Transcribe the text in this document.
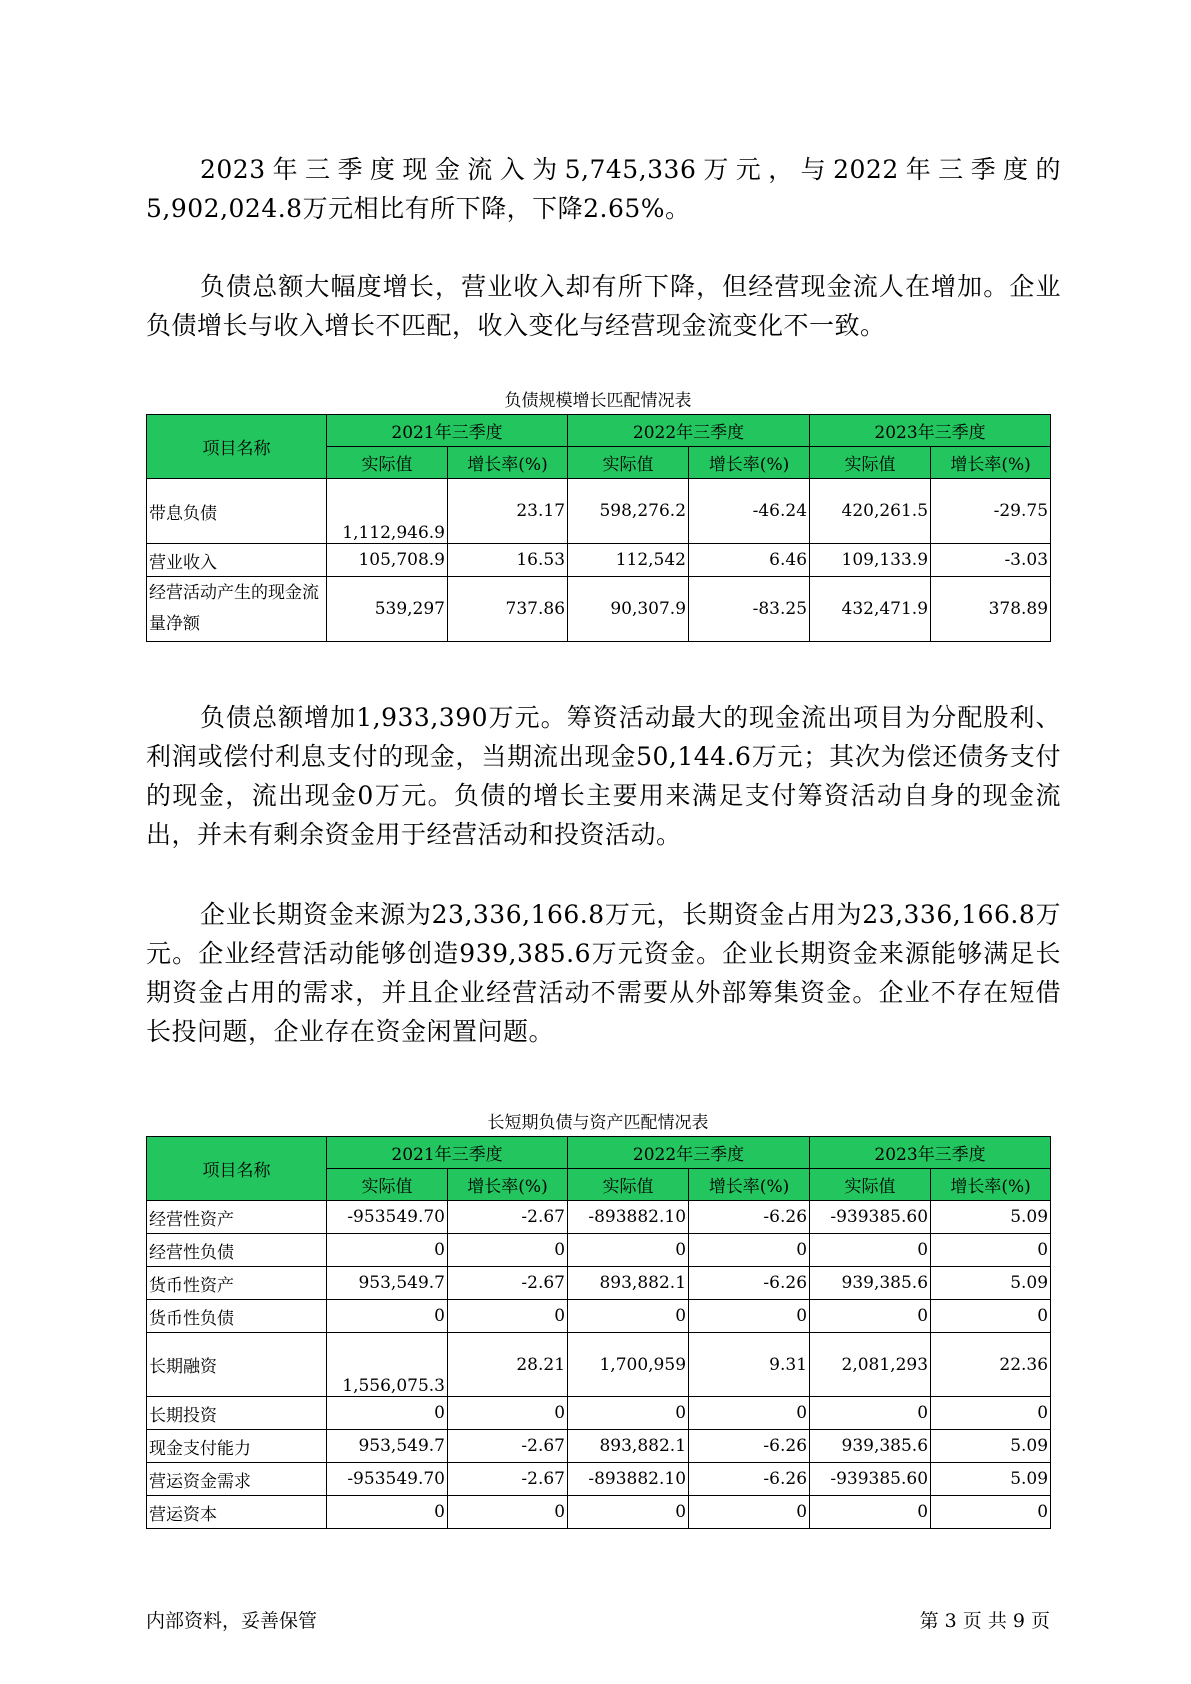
2023年三季度现金流入为5,745,336万元，与2022年三季度的5,902,024.8万元相比有所下降，下降2.65%。

负债总额大幅度增长，营业收入却有所下降，但经营现金流人在增加。企业负债增长与收入增长不匹配，收入变化与经营现金流变化不一致。

负债规模增长匹配情况表
项目名称	2021年三季度		2022年三季度		2023年三季度	
	实际值	增长率(%)	实际值	增长率(%)	实际值	增长率(%)
带息负债	1,112,946.9	23.17	598,276.2	-46.24	420,261.5	-29.75
营业收入	105,708.9	16.53	112,542	6.46	109,133.9	-3.03
经营活动产生的现金流量净额	539,297	737.86	90,307.9	-83.25	432,471.9	378.89

负债总额增加1,933,390万元。筹资活动最大的现金流出项目为分配股利、利润或偿付利息支付的现金，当期流出现金50,144.6万元；其次为偿还债务支付的现金，流出现金0万元。负债的增长主要用来满足支付筹资活动自身的现金流出，并未有剩余资金用于经营活动和投资活动。

企业长期资金来源为23,336,166.8万元，长期资金占用为23,336,166.8万元。企业经营活动能够创造939,385.6万元资金。企业长期资金来源能够满足长期资金占用的需求，并且企业经营活动不需要从外部筹集资金。企业不存在短借长投问题，企业存在资金闲置问题。

长短期负债与资产匹配情况表
项目名称	2021年三季度		2022年三季度		2023年三季度	
	实际值	增长率(%)	实际值	增长率(%)	实际值	增长率(%)
经营性资产	-953549.70	-2.67	-893882.10	-6.26	-939385.60	5.09
经营性负债	0	0	0	0	0	0
货币性资产	953,549.7	-2.67	893,882.1	-6.26	939,385.6	5.09
货币性负债	0	0	0	0	0	0
长期融资	1,556,075.3	28.21	1,700,959	9.31	2,081,293	22.36
长期投资	0	0	0	0	0	0
现金支付能力	953,549.7	-2.67	893,882.1	-6.26	939,385.6	5.09
营运资金需求	-953549.70	-2.67	-893882.10	-6.26	-939385.60	5.09
营运资本	0	0	0	0	0	0
内部资料，妥善保管	第 3 页 共 9 页
